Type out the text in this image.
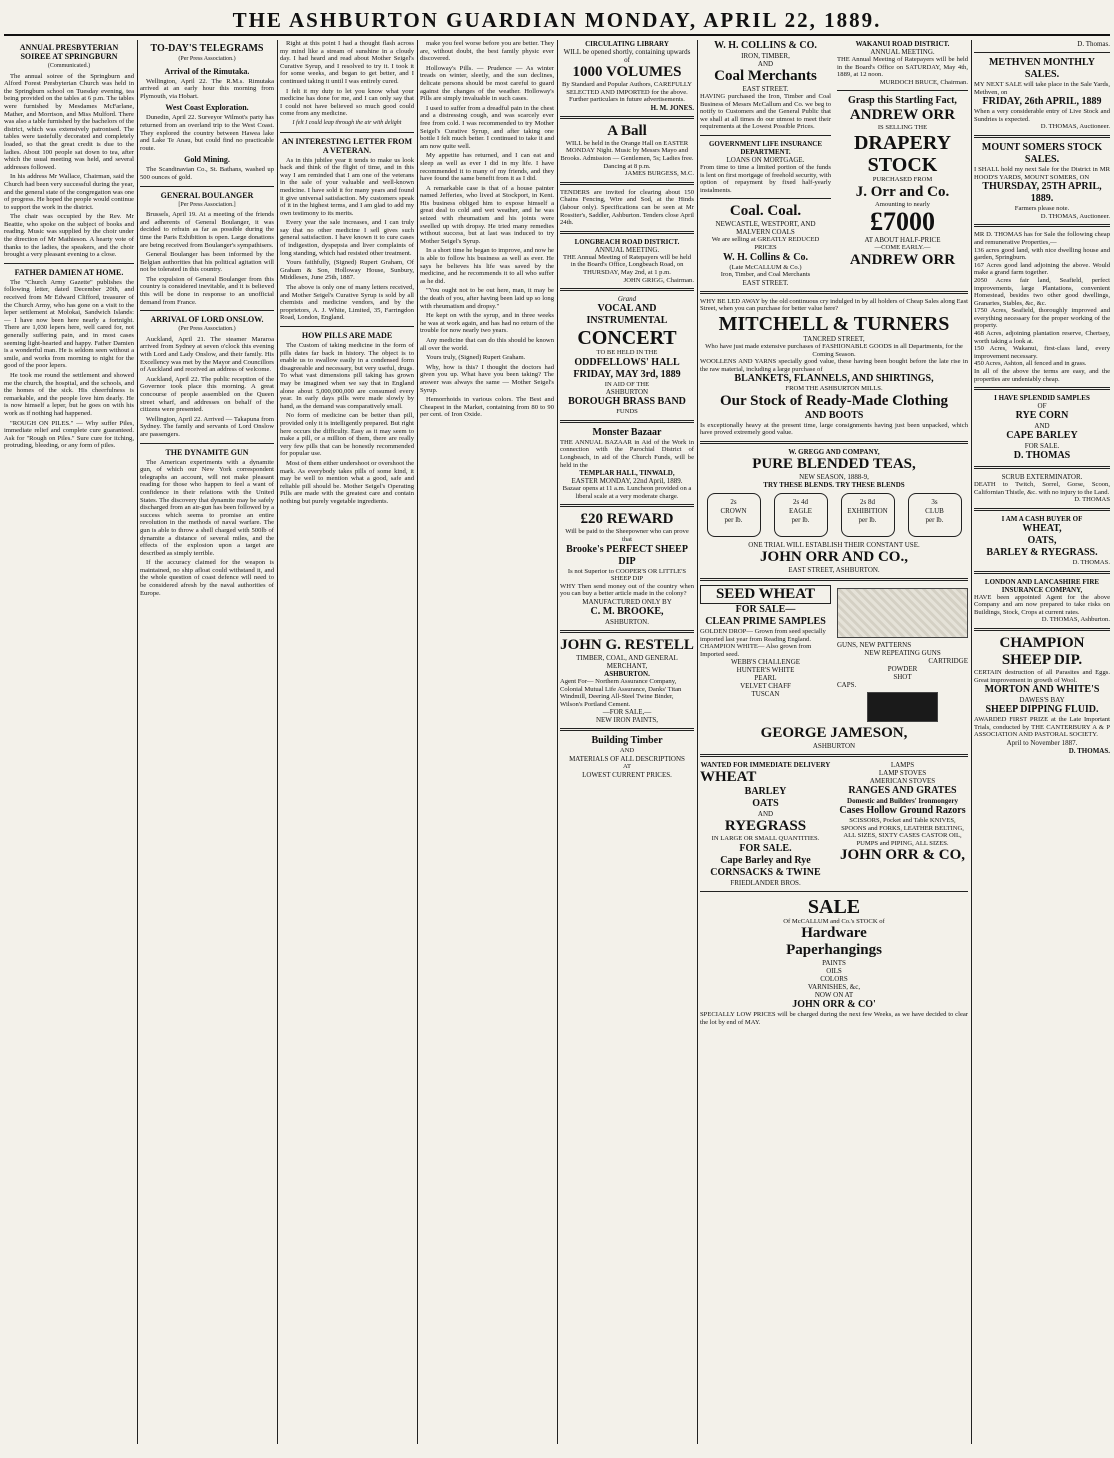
THE ASHBURTON GUARDIAN MONDAY, APRIL 22, 1889.
ANNUAL PRESBYTERIAN SOIREE AT SPRINGBURN
(Communicated.)

The annual soiree of the Springburn and Alford Forest Presbyterian Church was held in the Springburn school on Tuesday evening, tea being provided on the tables at 6 p.m. The tables were furnished by Mesdames McFarlane, Mather, and Morrison, and Miss Mulford. There was also a table furnished by the bachelors of the district, which was extensively patronised. The tables were tastefully decorated and completely loaded, so that the great credit is due to the ladies. About 100 people sat down to tea, after which the usual meeting was held, and several addresses followed.

In his address Mr Wallace, Chairman, said the Church had been very successful during the year, and the general state of the congregation was one of progress. He hoped the people would continue to support the work in the district.

The chair was occupied by the Rev. Mr Beattie, who spoke on the subject of books and reading. Music was supplied by the choir under the direction of Mr Mathieson. A hearty vote of thanks to the ladies, the speakers, and the choir brought a very pleasant evening to a close.

FATHER DAMIEN AT HOME.

The "Church Army Gazette" publishes the following letter, dated December 20th, and received from Mr Edward Clifford, treasurer of the Church Army, who has gone on a visit to the leper settlement at Molokai, Sandwich Islands: — I have now been here nearly a fortnight. There are 1,030 lepers here, well cared for, not generally suffering pain, and in most cases seeming light-hearted and happy. Father Damien is a wonderful man. He is seldom seen without a smile, and works from morning to night for the good of the poor lepers.

He took me round the settlement and showed me the church, the hospital, and the schools, and the homes of the sick. His cheerfulness is remarkable, and the people love him dearly. He is now himself a leper, but he goes on with his work as if nothing had happened.

"ROUGH ON PILES." — Why suffer Piles, immediate relief and complete cure guaranteed. Ask for "Rough on Piles." Sure cure for itching, protruding, bleeding, or any form of piles.

TO-DAY'S TELEGRAMS
(Per Press Association.)
Arrival of the Rimutaka.

Wellington, April 22. The R.M.s. Rimutaka arrived at an early hour this morning from Plymouth, via Hobart.

West Coast Exploration.

Dunedin, April 22. Surveyor Wilmot's party has returned from an overland trip to the West Coast. They explored the country between Hawea lake and Lake Te Anau, but could find no practicable route.

Gold Mining.

The Scandinavian Co., St. Bathans, washed up 500 ounces of gold.

GENERAL BOULANGER
[Per Press Association.]

Brussels, April 19. At a meeting of the friends and adherents of General Boulanger, it was decided to refrain as far as possible during the time the Paris Exhibition is open. Large donations are being received from Boulanger's sympathisers.

General Boulanger has been informed by the Belgian authorities that his political agitation will not be tolerated in this country.

The expulsion of General Boulanger from this country is considered inevitable, and it is believed this will be done in response to an unofficial demand from France.

ARRIVAL OF LORD ONSLOW.
(Per Press Association.)

Auckland, April 21. The steamer Mararoa arrived from Sydney at seven o'clock this evening with Lord and Lady Onslow, and their family. His Excellency was met by the Mayor and Councillors of Auckland and received an address of welcome.

Auckland, April 22. The public reception of the Governor took place this morning. A great concourse of people assembled on the Queen street wharf, and addresses on behalf of the citizens were presented.

Wellington, April 22. Arrived — Takapuna from Sydney. The family and servants of Lord Onslow are passengers.

THE DYNAMITE GUN

The American experiments with a dynamite gun, of which our New York correspondent telegraphs an account, will not make pleasant reading for those who happen to feel a want of confidence in their relations with the United States. The discovery that dynamite may be safely discharged from an air-gun has been followed by a success which seems to promise an entire revolution in the methods of naval warfare. The gun is able to throw a shell charged with 500lb of dynamite a distance of several miles, and the effects of the explosion upon a target are described as simply terrible.

If the accuracy claimed for the weapon is maintained, no ship afloat could withstand it, and the whole question of coast defence will need to be considered afresh by the naval authorities of Europe.

Right at this point I had a thought flash across my mind like a stream of sunshine in a cloudy day. I had heard and read about Mother Seigel's Curative Syrup, and I resolved to try it. I took it for some weeks, and began to get better, and I continued taking it until I was entirely cured.

I felt it my duty to let you know what your medicine has done for me, and I can only say that I could not have believed so much good could come from any medicine.

I felt I could leap through the air with delight
AN INTERESTING LETTER FROM A VETERAN.

As in this jubilee year it tends to make us look back and think of the flight of time, and in this way I am reminded that I am one of the veterans in the sale of your valuable and well-known medicine. I have sold it for many years and found it give universal satisfaction. My customers speak of it in the highest terms, and I am glad to add my own testimony to its merits.

Every year the sale increases, and I can truly say that no other medicine I sell gives such general satisfaction. I have known it to cure cases of indigestion, dyspepsia and liver complaints of long standing, which had resisted other treatment.

Yours faithfully, (Signed) Rupert Graham, Of Graham & Son, Holloway House, Sunbury, Middlesex, June 25th, 1887.

The above is only one of many letters received, and Mother Seigel's Curative Syrup is sold by all chemists and medicine vendors, and by the proprietors, A. J. White, Limited, 35, Farringdon Road, London, England.

HOW PILLS ARE MADE

The Custom of taking medicine in the form of pills dates far back in history. The object is to enable us to swallow easily in a condensed form disagreeable and necessary, but very useful, drugs. To what vast dimensions pill taking has grown may be imagined when we say that in England alone about 5,000,000,000 are consumed every year. In early days pills were made slowly by hand, as the demand was comparatively small.

No form of medicine can be better than pill, provided only it is intelligently prepared. But right here occurs the difficulty. Easy as it may seem to make a pill, or a million of them, there are really very few pills that can be honestly recommended for popular use.

Most of them either undershoot or overshoot the mark. As everybody takes pills of some kind, it may be well to mention what a good, safe and reliable pill should be. Mother Seigel's Operating Pills are made with the greatest care and contain nothing but purely vegetable ingredients.

make you feel worse before you are better. They are, without doubt, the best family physic ever discovered.

Holloway's Pills. — Prudence — As winter treads on winter, sleetly, and the sun declines, delicate persons should be most careful to guard against the changes of the weather. Holloway's Pills are simply invaluable in such cases.

I used to suffer from a dreadful pain in the chest and a distressing cough, and was scarcely ever free from cold. I was recommended to try Mother Seigel's Curative Syrup, and after taking one bottle I felt much better. I continued to take it and am now quite well.

My appetite has returned, and I can eat and sleep as well as ever I did in my life. I have recommended it to many of my friends, and they have found the same benefit from it as I did.

A remarkable case is that of a house painter named Jefferies, who lived at Stockport, in Kent. His business obliged him to expose himself a great deal to cold and wet weather, and he was seized with rheumatism and his joints were swelled up with dropsy. He tried many remedies without success, but at last was induced to try Mother Seigel's Syrup.

In a short time he began to improve, and now he is able to follow his business as well as ever. He says he believes his life was saved by the medicine, and he recommends it to all who suffer as he did.

"You ought not to be out here, man, it may be the death of you, after having been laid up so long with rheumatism and dropsy."

He kept on with the syrup, and in three weeks he was at work again, and has had no return of the trouble for now nearly two years.

Any medicine that can do this should be known all over the world.

Yours truly, (Signed) Rupert Graham.

Why, how is this? I thought the doctors had given you up. What have you been taking? The answer was always the same — Mother Seigel's Syrup.

Hemorrhoids in various colors. The Best and Cheapest in the Market, containing from 80 to 90 per cent. of Iron Oxide.

CIRCULATING LIBRARY
WILL be opened shortly, containing upwards of
1000 VOLUMES
By Standard and Popular Authors, CAREFULLY SELECTED AND IMPORTED for the above.
Further particulars in future advertisements.
H. M. JONES.
A Ball
WILL be held in the Orange Hall on EASTER MONDAY Night. Music by Messrs Mayo and Brooks. Admission — Gentlemen, 5s; Ladies free. Dancing at 8 p.m.
JAMES BURGESS, M.C.
TENDERS are invited for clearing about 150 Chains Fencing, Wire and Sod, at the Hinds (labour only). Specifications can be seen at Mr Rossiter's, Saddler, Ashburton. Tenders close April 24th.
LONGBEACH ROAD DISTRICT.
ANNUAL MEETING.
THE Annual Meeting of Ratepayers will be held in the Board's Office, Longbeach Road, on THURSDAY, May 2nd, at 1 p.m.
JOHN GRIGG, Chairman.
Grand
VOCAL AND INSTRUMENTAL
CONCERT
TO BE HELD IN THE
ODDFELLOWS' HALL
FRIDAY, MAY 3rd, 1889
IN AID OF THE
ASHBURTON
BOROUGH BRASS BAND
FUNDS
Monster Bazaar
THE ANNUAL BAZAAR in Aid of the Work in connection with the Parochial District of Longbeach, in aid of the Church Funds, will be held in the
TEMPLAR HALL, TINWALD,
EASTER MONDAY, 22nd April, 1889.
Bazaar opens at 11 a.m. Luncheon provided on a liberal scale at a very moderate charge.
£20 REWARD
Will be paid to the Sheepowner who can prove that
Brooke's PERFECT SHEEP DIP
Is not Superior to COOPER'S OR LITTLE'S SHEEP DIP
WHY Then send money out of the country when you can buy a better article made in the colony?
MANUFACTURED ONLY BY
C. M. BROOKE,
ASHBURTON.
JOHN G. RESTELL
TIMBER, COAL, AND GENERAL
MERCHANT,
ASHBURTON.
Agent For— Northern Assurance Company, Colonial Mutual Life Assurance, Danks' Titan Windmill, Deering All-Steel Twine Binder, Wilson's Portland Cement.
—FOR SALE,—
NEW IRON PAINTS,
Building Timber
AND
MATERIALS OF ALL DESCRIPTIONS
AT
LOWEST CURRENT PRICES.
W. H. COLLINS & CO.
IRON, TIMBER,
AND
Coal Merchants
EAST STREET.
HAVING purchased the Iron, Timber and Coal Business of Messrs McCallum and Co. we beg to notify to Customers and the General Public that we shall at all times do our utmost to meet their requirements at the Lowest Possible Prices.
GOVERNMENT LIFE INSURANCE DEPARTMENT.
LOANS ON MORTGAGE.
From time to time a limited portion of the funds is lent on first mortgage of freehold security, with option of repayment by fixed half-yearly instalments.
Coal. Coal.
NEWCASTLE, WESTPORT, AND MALVERN COALS
We are selling at GREATLY REDUCED PRICES
W. H. Collins & Co.
(Late McCALLUM & Co.)
Iron, Timber, and Coal Merchants
EAST STREET.
WAKANUI ROAD DISTRICT.
ANNUAL MEETING.
THE Annual Meeting of Ratepayers will be held in the Board's Office on SATURDAY, May 4th, 1889, at 12 noon.
MURDOCH BRUCE, Chairman.
Grasp this Startling Fact,
ANDREW ORR
IS SELLING THE
DRAPERY STOCK
PURCHASED FROM
J. Orr and Co.
Amounting to nearly
£7000
AT ABOUT HALF-PRICE
—COME EARLY.—
ANDREW ORR
WHY BE LED AWAY by the old continuous cry indulged in by all holders of Cheap Sales along East Street, when you can purchase for better value here?
MITCHELL & TURNERS
TANCRED STREET,
Who have just made extensive purchases of FASHIONABLE GOODS in all Departments, for the Coming Season.
WOOLLENS AND YARNS specially good value, these having been bought before the late rise in the raw material, including a large purchase of
BLANKETS, FLANNELS, AND SHIRTINGS,
FROM THE ASHBURTON MILLS.
Our Stock of Ready-Made Clothing
AND BOOTS
Is exceptionally heavy at the present time, large consignments having just been unpacked, which have proved extremely good value.
W. GREGG AND COMPANY,
PURE BLENDED TEAS,
NEW SEASON, 1888-9,
TRY THESE BLENDS. TRY THESE BLENDS
2s
CROWN
per lb.
2s 4d
EAGLE
per lb.
2s 8d
EXHIBITION
per lb.
3s
CLUB
per lb.
ONE TRIAL WILL ESTABLISH THEIR CONSTANT USE.
JOHN ORR AND CO.,
EAST STREET, ASHBURTON.
SEED WHEAT
FOR SALE—
CLEAN PRIME SAMPLES
GOLDEN DROP— Grown from seed specially imported last year from Reading England.
CHAMPION WHITE— Also grown from Imported seed.
WEBB'S CHALLENGE
HUNTER'S WHITE
PEARL
VELVET CHAFF
TUSCAN
GUNS, NEW PATTERNS
NEW REPEATING GUNS
CARTRIDGE
POWDER
SHOT
CAPS.
GEORGE JAMESON,
ASHBURTON
WANTED FOR IMMEDIATE DELIVERY
WHEAT
BARLEY
OATS
AND
RYEGRASS
IN LARGE OR SMALL QUANTITIES.
FOR SALE.
Cape Barley and Rye
CORNSACKS & TWINE
FRIEDLANDER BROS.
LAMPS
LAMP STOVES
AMERICAN STOVES
RANGES AND GRATES
Domestic and Builders' Ironmongery
Cases Hollow Ground Razors
SCISSORS, Pocket and Table KNIVES, SPOONS and FORKS, LEATHER BELTING, ALL SIZES, SIXTY CASES CASTOR OIL, PUMPS and PIPING, ALL SIZES.
JOHN ORR & CO,
SALE
Of McCALLUM and Co.'s STOCK of
Hardware
Paperhangings
PAINTS
OILS
COLORS
VARNISHES, &c,
NOW ON AT
JOHN ORR & CO'
SPECIALLY LOW PRICES will be charged during the next few Weeks, as we have decided to clear the lot by end of MAY.
D. Thomas.
METHVEN MONTHLY
SALES.
MY NEXT SALE will take place in the Sale Yards, Methven, on
FRIDAY, 26th APRIL, 1889
When a very considerable entry of Live Stock and Sundries is expected.
D. THOMAS, Auctioneer.
MOUNT SOMERS STOCK
SALES.
I SHALL hold my next Sale for the District in MR HOOD'S YARDS, MOUNT SOMERS, ON
THURSDAY, 25TH APRIL, 1889.
Farmers please note.
D. THOMAS, Auctioneer.
MR D. THOMAS has for Sale the following cheap and remunerative Properties,—
136 acres good land, with nice dwelling house and garden, Springburn.
167 Acres good land adjoining the above. Would make a grand farm together.
2050 Acres fair land, Seafield, perfect improvements, large Plantations, convenient Homestead, besides two other good dwellings, Granaries, Stables, &c, &c.
1750 Acres, Seafield, thoroughly improved and everything necessary for the proper working of the property.
468 Acres, adjoining plantation reserve, Chertsey, worth taking a look at.
150 Acres, Wakanui, first-class land, every improvement necessary.
450 Acres, Ashton, all fenced and in grass.
In all of the above the terms are easy, and the properties are undeniably cheap.
I HAVE SPLENDID SAMPLES
OF
RYE CORN
AND
CAPE BARLEY
FOR SALE.
D. THOMAS
SCRUB EXTERMINATOR.
DEATH to Twitch, Sorrel, Gorse, Scoon, Californian Thistle, &c. with no injury to the Land.
D. THOMAS
I AM A CASH BUYER OF
WHEAT,
OATS,
BARLEY & RYEGRASS.
D. THOMAS.
LONDON AND LANCASHIRE FIRE INSURANCE COMPANY,
HAVE been appointed Agent for the above Company and am now prepared to take risks on Buildings, Stock, Crops at current rates.
D. THOMAS, Ashburton.
CHAMPION
SHEEP DIP.
CERTAIN destruction of all Parasites and Eggs. Great improvement in growth of Wool.
MORTON AND WHITE'S
DAWES'S BAY
SHEEP DIPPING FLUID.
AWARDED FIRST PRIZE at the Late Important Trials, conducted by THE CANTERBURY A & P ASSOCIATION AND PASTORAL SOCIETY.
April to November 1887.
D. THOMAS.
